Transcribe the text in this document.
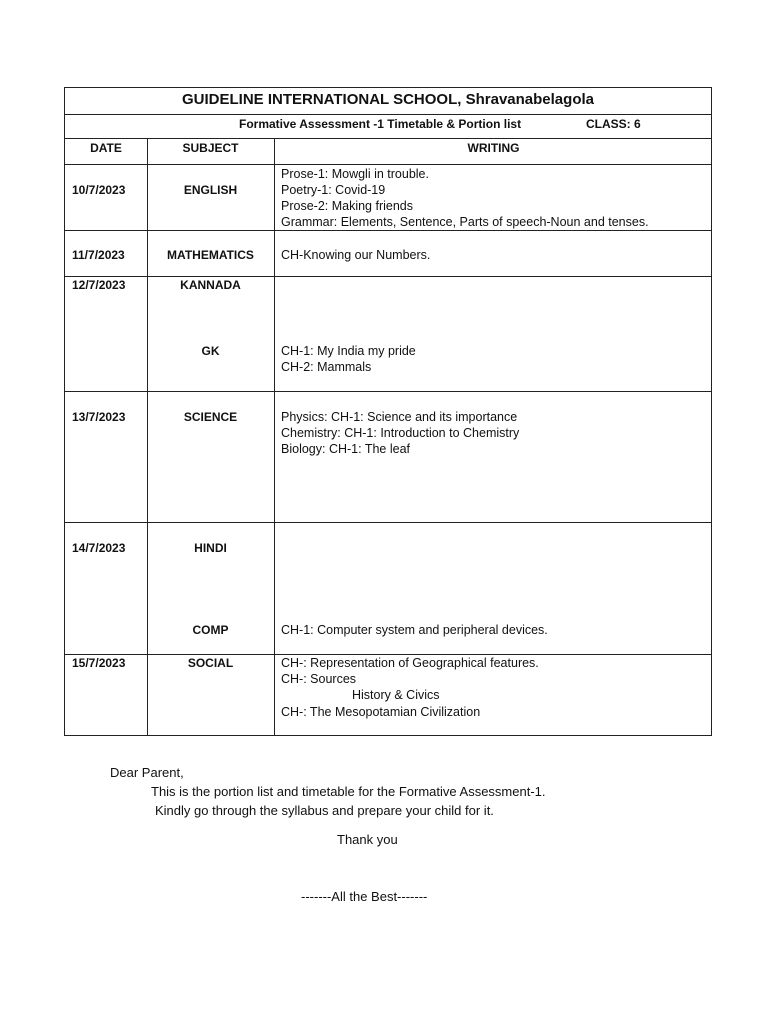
GUIDELINE INTERNATIONAL SCHOOL, Shravanabelagola
Formative Assessment -1 Timetable & Portion list	CLASS: 6
DATE	SUBJECT	WRITING
10/7/2023	ENGLISH
Prose-1: Mowgli in trouble.
Poetry-1: Covid-19
Prose-2: Making friends
Grammar: Elements, Sentence, Parts of speech-Noun and tenses.
11/7/2023	MATHEMATICS	CH-Knowing our Numbers.
12/7/2023	KANNADA
GK	CH-1: My India my pride
CH-2: Mammals
13/7/2023	SCIENCE	Physics: CH-1: Science and its importance
Chemistry: CH-1: Introduction to Chemistry
Biology: CH-1: The leaf
14/7/2023	HINDI
COMP	CH-1: Computer system and peripheral devices.
15/7/2023	SOCIAL	CH-: Representation of Geographical features.
CH-: Sources
History & Civics
CH-: The Mesopotamian Civilization
Dear Parent,
This is the portion list and timetable for the Formative Assessment-1.
Kindly go through the syllabus and prepare your child for it.
Thank you
-------All the Best-------
